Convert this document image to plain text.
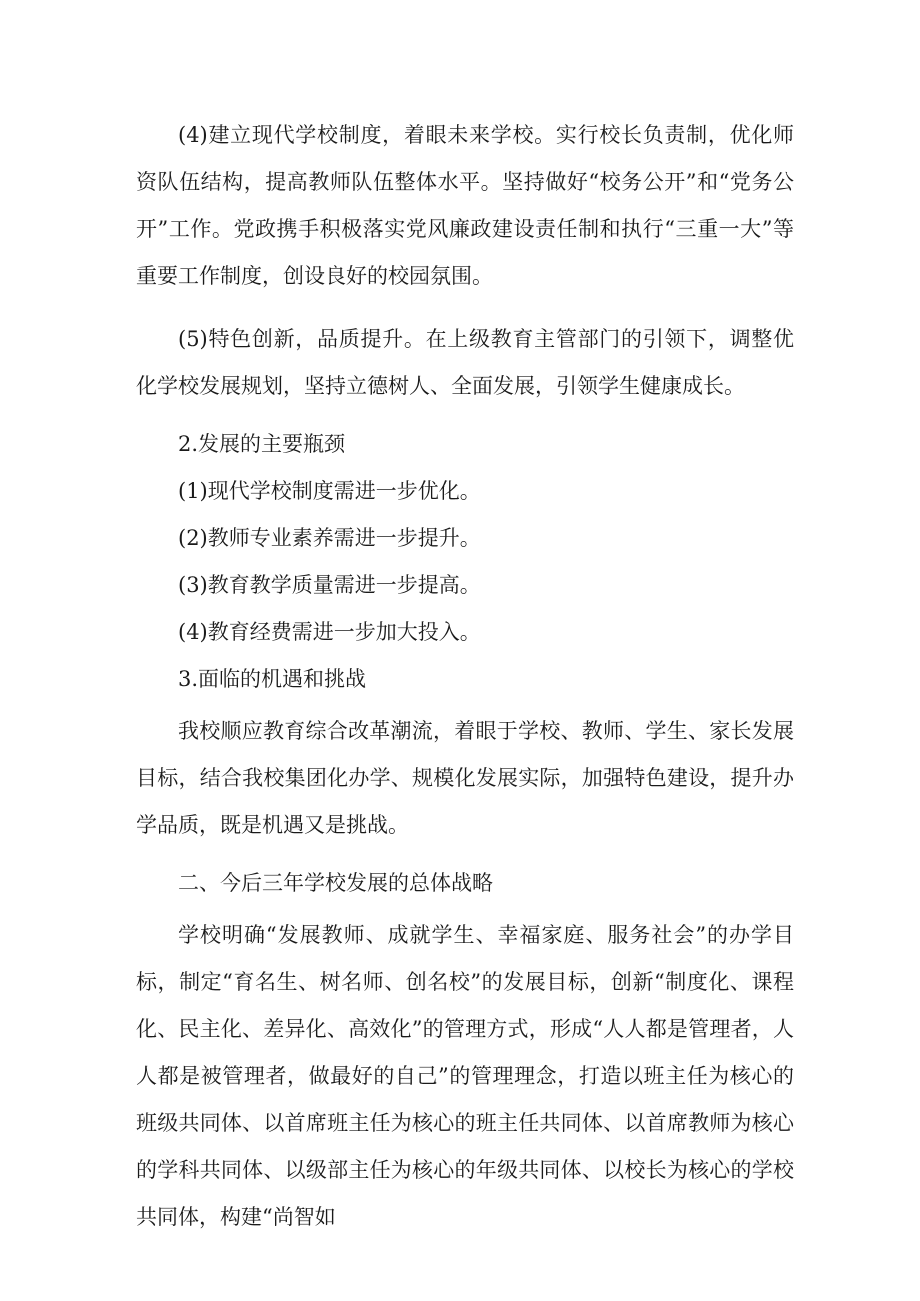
(4)建立现代学校制度，着眼未来学校。实行校长负责制，优化师资队伍结构，提高教师队伍整体水平。坚持做好“校务公开”和“党务公开”工作。党政携手积极落实党风廉政建设责任制和执行“三重一大”等重要工作制度，创设良好的校园氛围。

(5)特色创新，品质提升。在上级教育主管部门的引领下，调整优化学校发展规划，坚持立德树人、全面发展，引领学生健康成长。

2.发展的主要瓶颈

(1)现代学校制度需进一步优化。

(2)教师专业素养需进一步提升。

(3)教育教学质量需进一步提高。

(4)教育经费需进一步加大投入。

3.面临的机遇和挑战

我校顺应教育综合改革潮流，着眼于学校、教师、学生、家长发展目标，结合我校集团化办学、规模化发展实际，加强特色建设，提升办学品质，既是机遇又是挑战。

二、今后三年学校发展的总体战略

学校明确“发展教师、成就学生、幸福家庭、服务社会”的办学目标，制定“育名生、树名师、创名校”的发展目标，创新“制度化、课程化、民主化、差异化、高效化”的管理方式，形成“人人都是管理者，人人都是被管理者，做最好的自己”的管理理念，打造以班主任为核心的班级共同体、以首席班主任为核心的班主任共同体、以首席教师为核心的学科共同体、以级部主任为核心的年级共同体、以校长为核心的学校共同体，构建“尚智如
